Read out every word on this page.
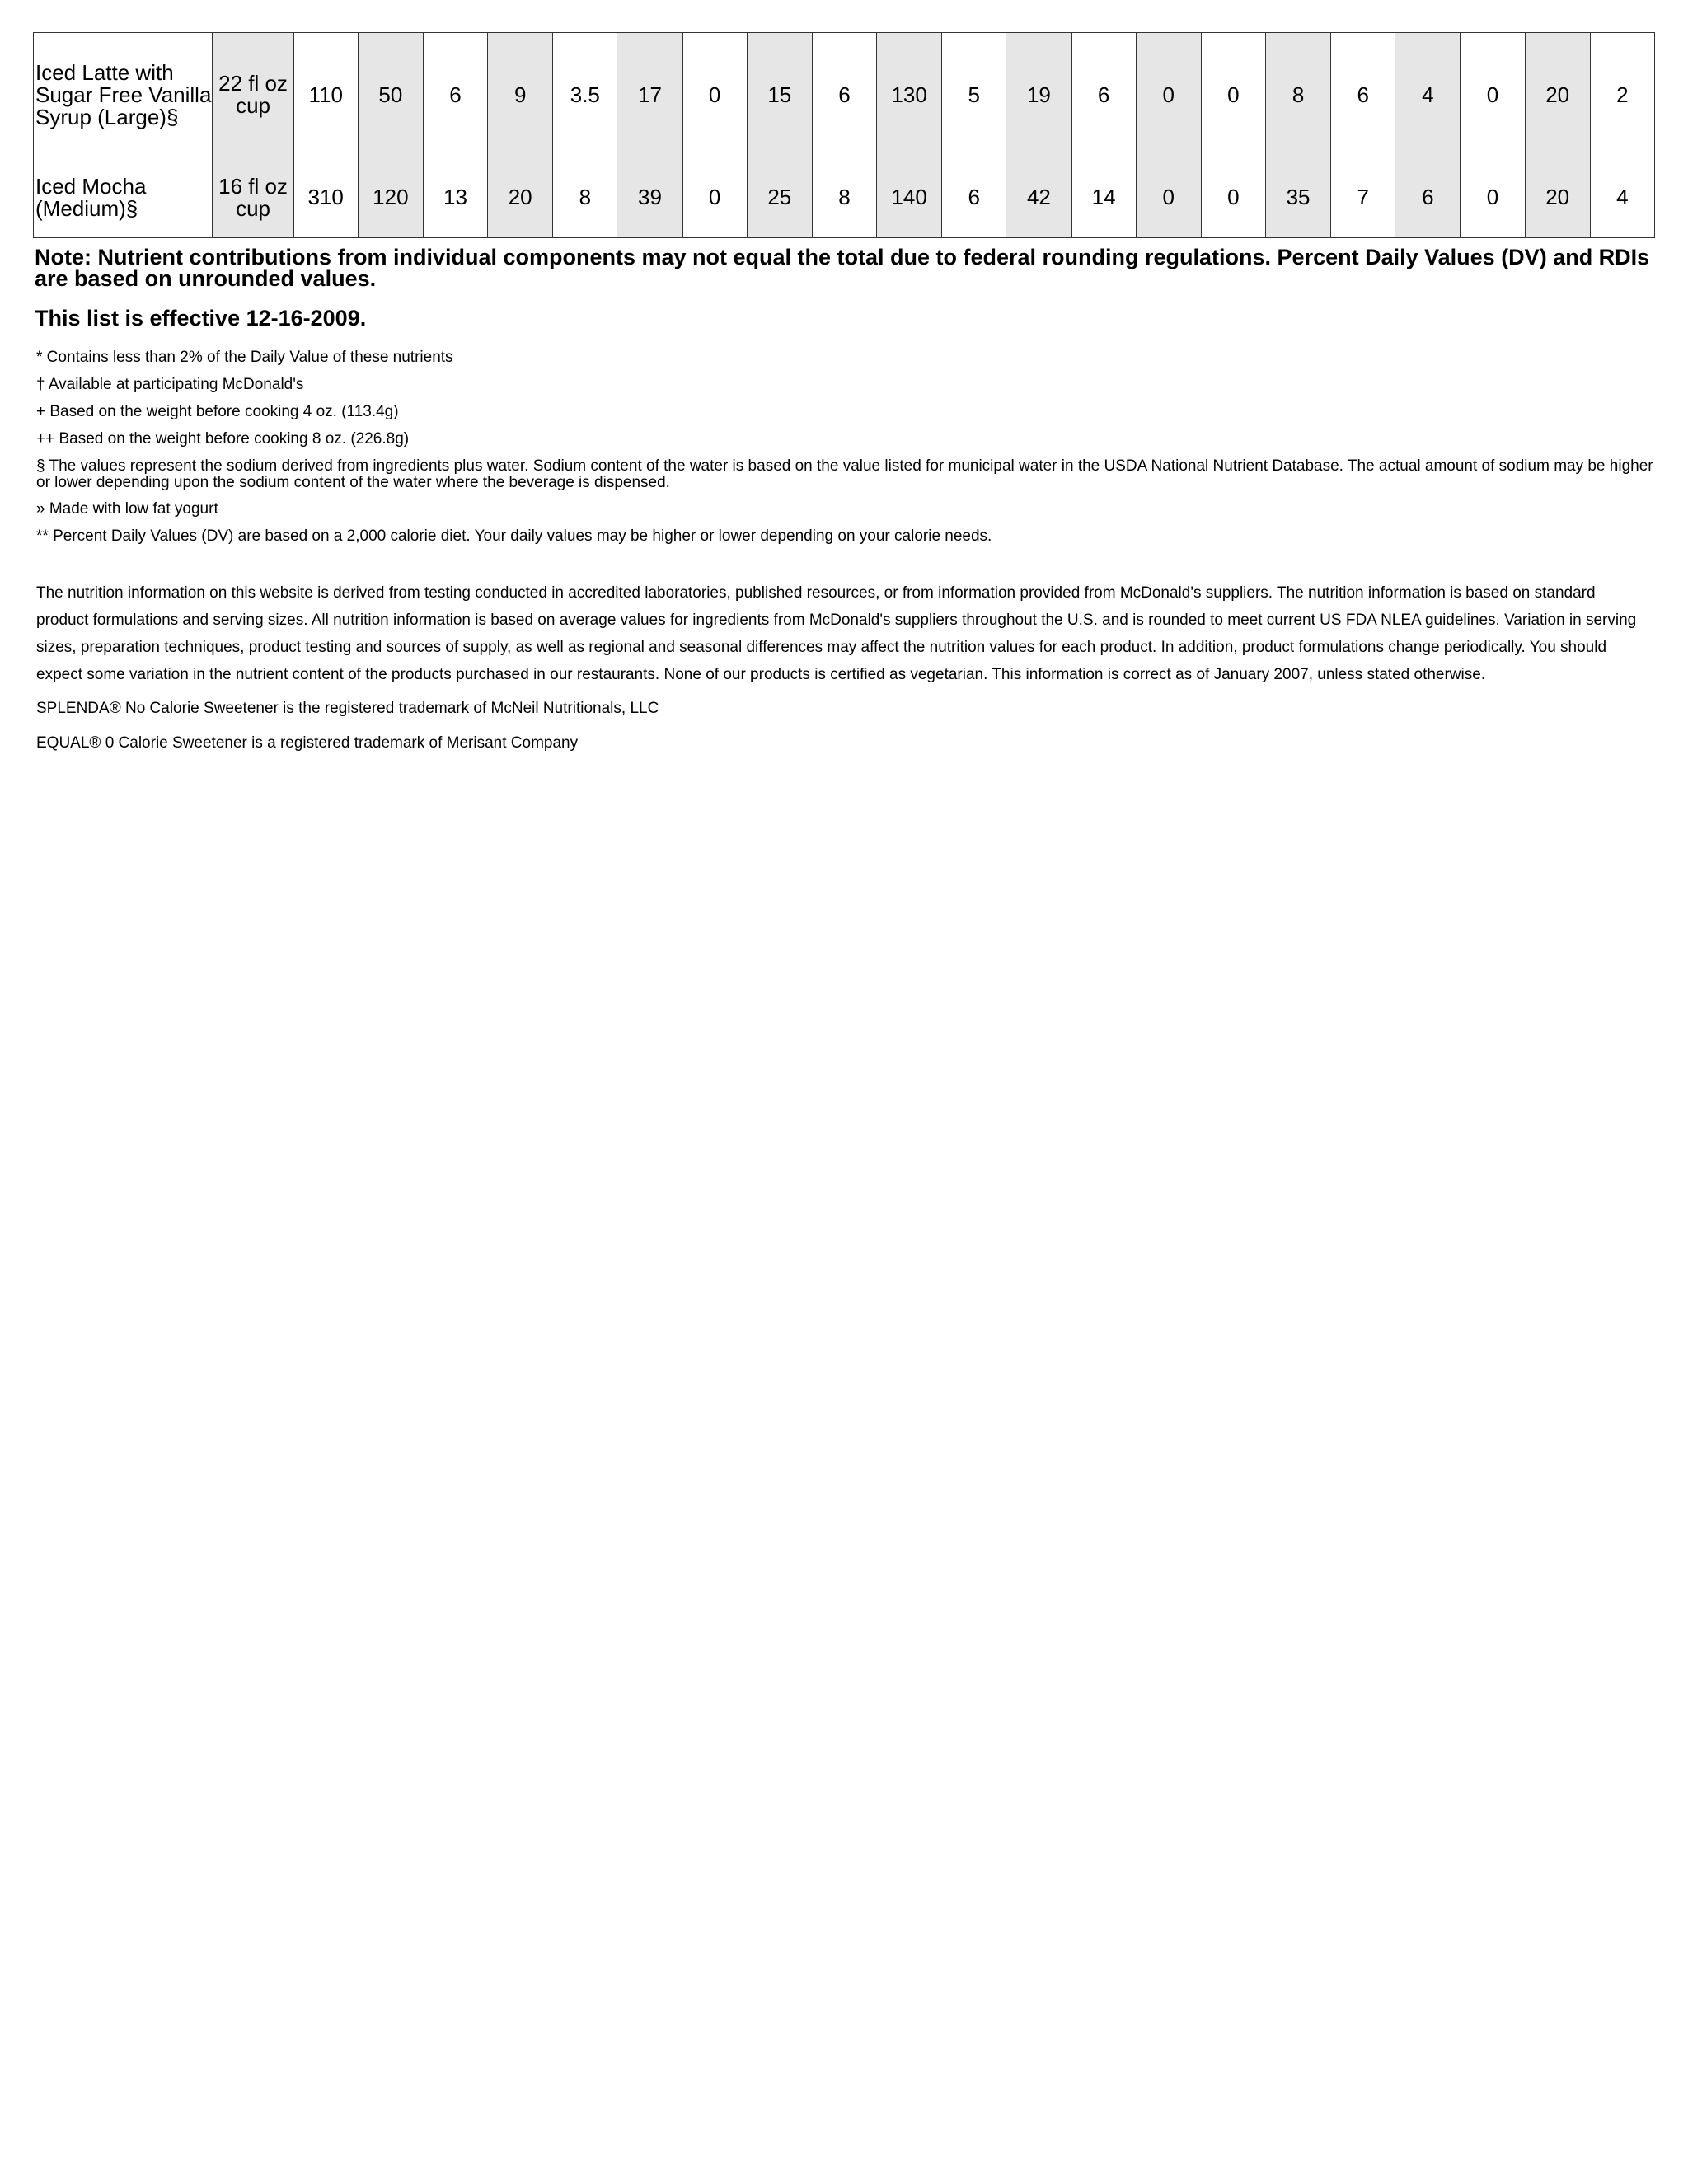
Iced Latte with Sugar Free Vanilla Syrup (Large)§	22 fl oz cup	110	50	6	9	3.5	17	0	15	6	130	5	19	6	0	0	8	6	4	0	20	2
Iced Mocha (Medium)§	16 fl oz cup	310	120	13	20	8	39	0	25	8	140	6	42	14	0	0	35	7	6	0	20	4
Note: Nutrient contributions from individual components may not equal the total due to federal rounding regulations. Percent Daily Values (DV) and RDIs are based on unrounded values.
This list is effective 12-16-2009.
* Contains less than 2% of the Daily Value of these nutrients
† Available at participating McDonald's
+ Based on the weight before cooking 4 oz. (113.4g)
++ Based on the weight before cooking 8 oz. (226.8g)
§ The values represent the sodium derived from ingredients plus water. Sodium content of the water is based on the value listed for municipal water in the USDA National Nutrient Database. The actual amount of sodium may be higher or lower depending upon the sodium content of the water where the beverage is dispensed.
» Made with low fat yogurt
** Percent Daily Values (DV) are based on a 2,000 calorie diet. Your daily values may be higher or lower depending on your calorie needs.
The nutrition information on this website is derived from testing conducted in accredited laboratories, published resources, or from information provided from McDonald's suppliers. The nutrition information is based on standard product formulations and serving sizes. All nutrition information is based on average values for ingredients from McDonald's suppliers throughout the U.S. and is rounded to meet current US FDA NLEA guidelines. Variation in serving sizes, preparation techniques, product testing and sources of supply, as well as regional and seasonal differences may affect the nutrition values for each product. In addition, product formulations change periodically. You should expect some variation in the nutrient content of the products purchased in our restaurants. None of our products is certified as vegetarian. This information is correct as of January 2007, unless stated otherwise.
SPLENDA® No Calorie Sweetener is the registered trademark of McNeil Nutritionals, LLC
EQUAL® 0 Calorie Sweetener is a registered trademark of Merisant Company
